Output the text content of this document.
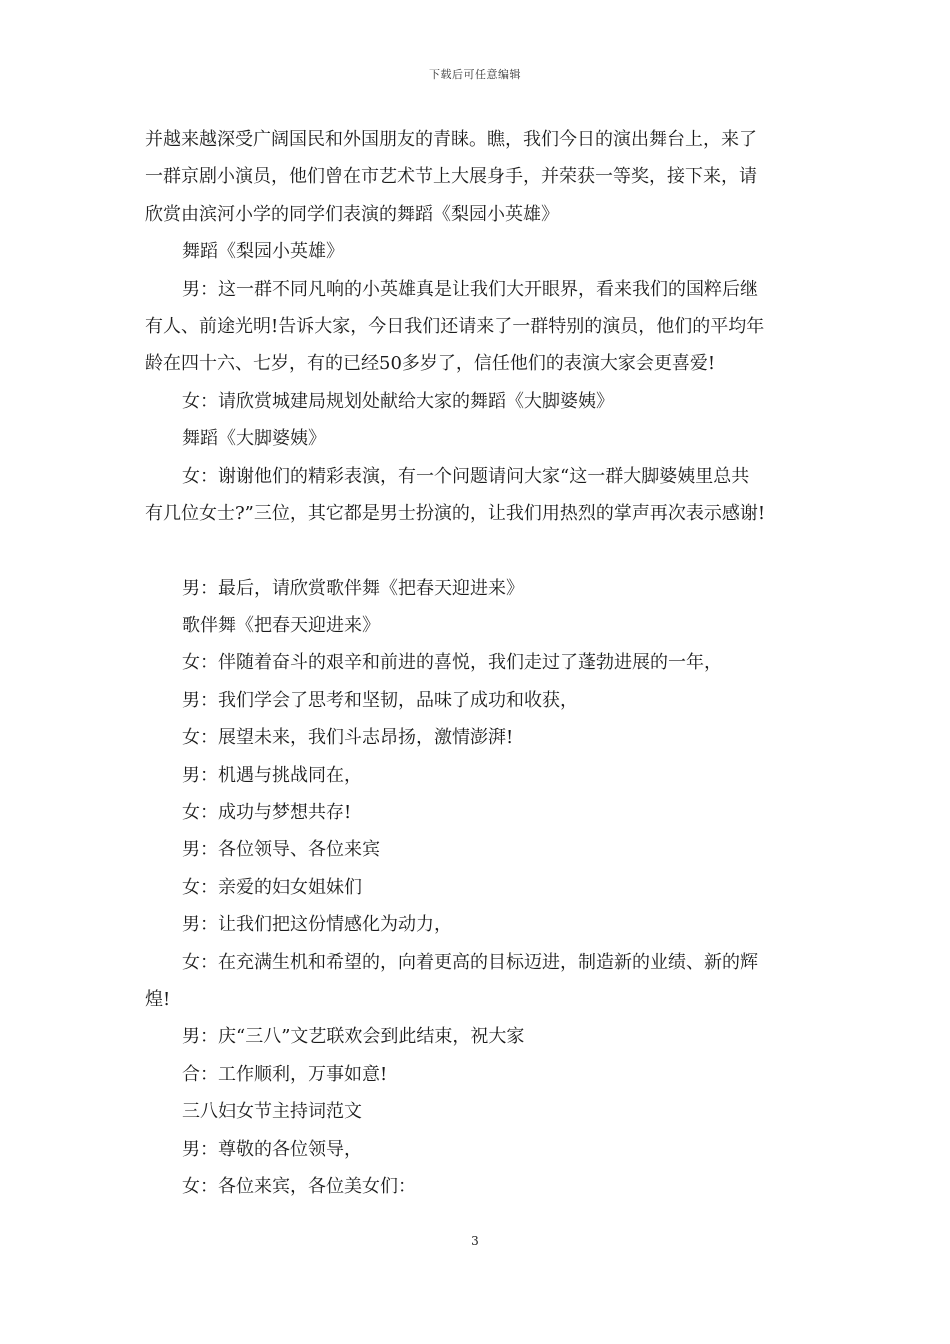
下载后可任意编辑
并越来越深受广阔国民和外国朋友的青睐。瞧，我们今日的演出舞台上，来了
一群京剧小演员，他们曾在市艺术节上大展身手，并荣获一等奖，接下来，请
欣赏由滨河小学的同学们表演的舞蹈《梨园小英雄》
舞蹈《梨园小英雄》
男：这一群不同凡响的小英雄真是让我们大开眼界，看来我们的国粹后继
有人、前途光明!告诉大家，今日我们还请来了一群特别的演员，他们的平均年
龄在四十六、七岁，有的已经50多岁了，信任他们的表演大家会更喜爱!
女：请欣赏城建局规划处献给大家的舞蹈《大脚婆姨》
舞蹈《大脚婆姨》
女：谢谢他们的精彩表演，有一个问题请问大家“这一群大脚婆姨里总共
有几位女士?”三位，其它都是男士扮演的，让我们用热烈的掌声再次表示感谢!
男：最后，请欣赏歌伴舞《把春天迎进来》
歌伴舞《把春天迎进来》
女：伴随着奋斗的艰辛和前进的喜悦，我们走过了蓬勃进展的一年，
男：我们学会了思考和坚韧，品味了成功和收获，
女：展望未来，我们斗志昂扬，激情澎湃!
男：机遇与挑战同在，
女：成功与梦想共存!
男：各位领导、各位来宾
女：亲爱的妇女姐妹们
男：让我们把这份情感化为动力，
女：在充满生机和希望的，向着更高的目标迈进，制造新的业绩、新的辉
煌!
男：庆“三八”文艺联欢会到此结束，祝大家
合：工作顺利，万事如意!
三八妇女节主持词范文
男：尊敬的各位领导，
女：各位来宾，各位美女们：
3
